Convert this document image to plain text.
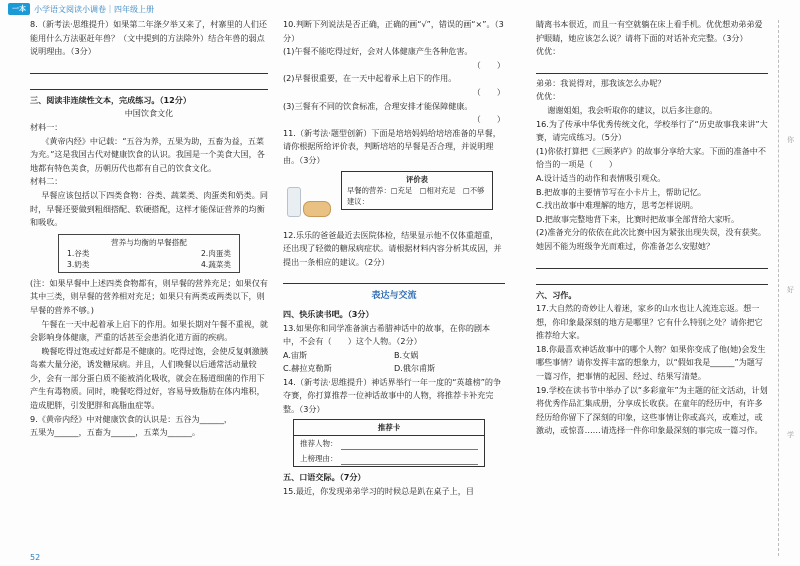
一本	小学语文阅读小调卷｜四年级上册

8.（新考法·思维提升）如果第二年涤夕举又来了，村寨里的人们还能用什么方法驱赶年兽？（文中提到的方法除外）结合年兽的弱点说明理由。（3分）

三、阅读非连续性文本，完成练习。（12分）

中国饮食文化

材料一：

《黄帝内经》中记载：“五谷为养，五果为助，五畜为益，五菜为充。”这是我国古代对健康饮食的认识。我国是一个美食大国，各地都有特色美食，历朝历代也都有自己的饮食文化。

材料二：

早餐应该包括以下四类食物：谷类、蔬菜类、肉蛋类和奶类。同时，早餐还要做到粗细搭配、软硬搭配，这样才能保证营养的均衡和吸收。

营养与均衡的早餐搭配
1.谷类	2.肉蛋类
3.奶类	4.蔬菜类

(注：如果早餐中上述四类食物都有，则早餐的营养充足；如果仅有其中三类，则早餐的营养相对充足；如果只有两类或两类以下，则早餐的营养不够。)

午餐在一天中起着承上启下的作用。如果长期对午餐不重视，就会影响身体健康，严重的话甚至会患消化道方面的疾病。

晚餐吃得过饱或过好都是不健康的。吃得过饱，会使反复刺激胰岛素大量分泌，诱发糖尿病。并且，人们晚餐以后通常活动量较少，会有一部分蛋白质不能被消化吸收，就会在肠道细菌的作用下产生有毒物质。同时，晚餐吃得过好，容易导致脂肪在体内堆积，造成肥胖，引发肥胖和高脂血症等。

9.《黄帝内经》中对健康饮食的认识是：五谷为______，

五果为______，五畜为______，五菜为______。

10.判断下列说法是否正确，正确的画“√”，错误的画“×”。（3分）

(1)午餐不能吃得过好，会对人体健康产生各种危害。

（　　）

(2)早餐很重要，在一天中起着承上启下的作用。

（　　）

(3)三餐有不同的饮食标准，合理安排才能保障健康。

（　　）

11.（新考法·题型创新）下面是培培妈妈给培培准备的早餐，请你根据所给评价表，判断培培的早餐是否合理，并说明理由。（3分）

评价表
早餐的营养：□充足　□相对充足　□不够
建议：

12.乐乐的爸爸最近去医院体检，结果显示他不仅体重超重，还出现了轻微的糖尿病症状。请根据材料内容分析其成因，并提出一条相应的建议。（2分）

表达与交流

四、快乐读书吧。（3分）

13.如果你和同学准备演古希腊神话中的故事，在你的剧本中，不会有（　　）这个人物。（2分）

A.宙斯	B.女娲
C.赫拉克勒斯	D.俄尔甫斯

14.（新考法·思维提升）神话界举行一年一度的“英雄榜”的争夺赛，你打算推荐一位神话故事中的人物，将推荐卡补充完整。（3分）

推荐卡
推荐人物：
上榜理由：

五、口语交际。（7分）

15.最近，你发现弟弟学习的时候总是趴在桌子上，目

睛离书本很近，而且一有空就躺在床上看手机。优优想劝弟弟爱护眼睛，她应该怎么说？请将下面的对话补充完整。（3分）

优优：

弟弟：我说得对，那我该怎么办呢？

优优：

谢谢姐姐，我会听取你的建议，以后多注意的。

16.为了传承中华优秀传统文化，学校举行了“历史故事我来讲”大赛，请完成练习。（5分）

(1)你依打算把《三顾茅庐》的故事分享给大家。下面的准备中不恰当的一项是（　　）

A.设计适当的动作和表情吸引观众。

B.把故事的主要情节写在小卡片上，帮助记忆。

C.找出故事中难理解的地方，思考怎样说明。

D.把故事完整地背下来，比赛时把故事全部背给大家听。

(2)准备充分的依依在此次比赛中因为紧张出现失误，没有获奖。她因不能为班级争光而难过，你准备怎么安慰她？

六、习作。

17.大自然的奇妙让人着迷，家乡的山水也让人流连忘返。想一想，你印象最深刻的地方是哪里？它有什么特别之处？请你把它推荐给大家。

18.你最喜欢神话故事中的哪个人物？如果你变成了他(她)会发生哪些事情？请你发挥丰富的想象力，以“假如我是______”为题写一篇习作，把事情的起因、经过、结果写清楚。

19.学校在读书节中举办了以“多彩童年”为主题的征文活动，计划将优秀作品汇集成册，分享成长收获。在童年的经历中，有许多经历给你留下了深刻的印象，这些事情让你或高兴，或难过，或激动，或惊喜……请选择一件你印象最深刻的事完成一篇习作。

你
好
学
52
